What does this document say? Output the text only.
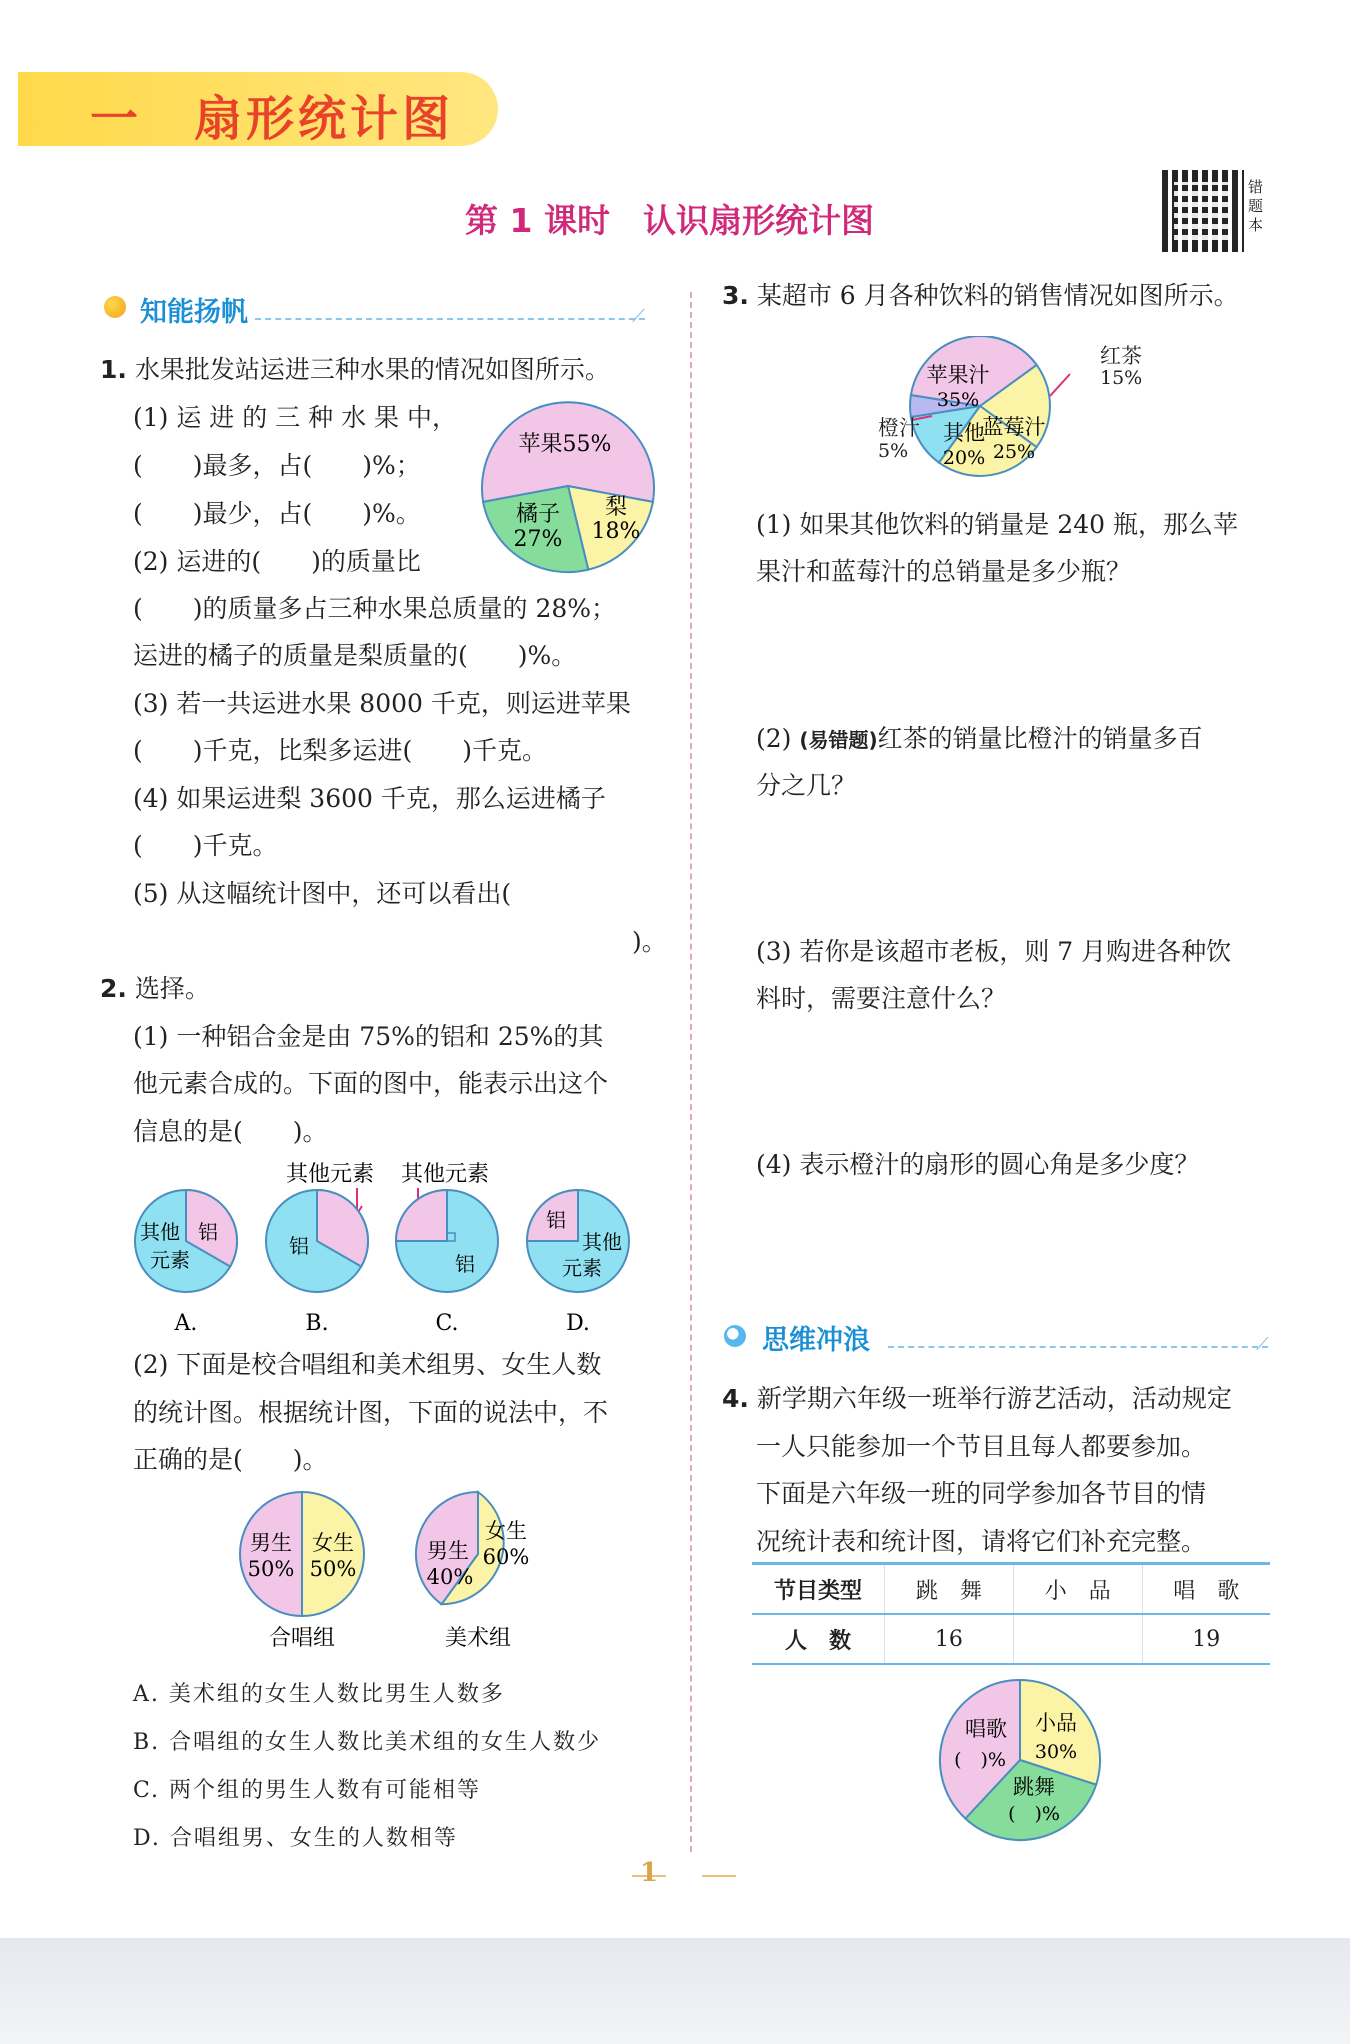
一　扇形统计图
第 1 课时　认识扇形统计图
错题本
知能扬帆	⟋
1. 水果批发站运进三种水果的情况如图所示。
(1) 运 进 的 三 种 水 果 中，
(　　)最多，占(　　)%；
(　　)最少，占(　　)%。
(2) 运进的(　　)的质量比
(　　)的质量多占三种水果总质量的 28%；
运进的橘子的质量是梨质量的(　　)%。
(3) 若一共运进水果 8000 千克，则运进苹果
(　　)千克，比梨多运进(　　)千克。
(4) 如果运进梨 3600 千克，那么运进橘子
(　　)千克。
(5) 从这幅统计图中，还可以看出(
)。
苹果55%
橘子
27%
梨
18%
2. 选择。
(1) 一种铝合金是由 75%的铝和 25%的其
他元素合成的。下面的图中，能表示出这个
信息的是(　　)。
其他元素 其他元素
铝
其他
元素
A.
铝
B.
铝
C.
铝
其他
元素
D.
(2) 下面是校合唱组和美术组男、女生人数
的统计图。根据统计图，下面的说法中，不
正确的是(　　)。
男生
50%
女生
50%
合唱组
男生
40%
女生
60%
美术组
A. 美术组的女生人数比男生人数多
B. 合唱组的女生人数比美术组的女生人数少
C. 两个组的男生人数有可能相等
D. 合唱组男、女生的人数相等
3. 某超市 6 月各种饮料的销售情况如图所示。
苹果汁
35%
其他
20%
蓝莓汁
25%
红茶
15%
橙汁
5%
(1) 如果其他饮料的销量是 240 瓶，那么苹
果汁和蓝莓汁的总销量是多少瓶？
(2) (易错题)红茶的销量比橙汁的销量多百
分之几？
(3) 若你是该超市老板，则 7 月购进各种饮
料时，需要注意什么？
(4) 表示橙汁的扇形的圆心角是多少度？
思维冲浪	⟋
4. 新学期六年级一班举行游艺活动，活动规定
一人只能参加一个节目且每人都要参加。
下面是六年级一班的同学参加各节目的情
况统计表和统计图，请将它们补充完整。
节目类型	跳　舞	小　品	唱　歌
人　数	16		19
唱歌
(　)%
小品
30%
跳舞
(　)%
1
